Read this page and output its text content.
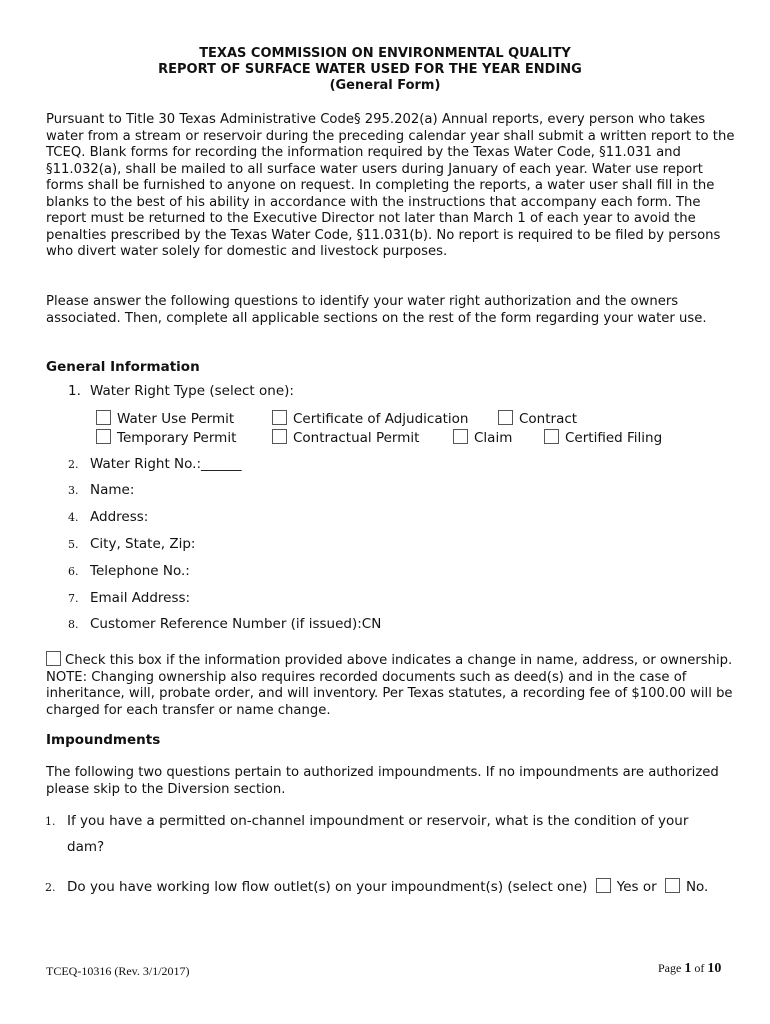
TEXAS COMMISSION ON ENVIRONMENTAL QUALITY
REPORT OF SURFACE WATER USED FOR THE YEAR ENDING
(General Form)
Pursuant to Title 30 Texas Administrative Code§ 295.202(a) Annual reports, every person who takes water from a stream or reservoir during the preceding calendar year shall submit a written report to the TCEQ. Blank forms for recording the information required by the Texas Water Code, §11.031 and §11.032(a), shall be mailed to all surface water users during January of each year. Water use report forms shall be furnished to anyone on request. In completing the reports, a water user shall fill in the blanks to the best of his ability in accordance with the instructions that accompany each form. The report must be returned to the Executive Director not later than March 1 of each year to avoid the penalties prescribed by the Texas Water Code, §11.031(b). No report is required to be filed by persons who divert water solely for domestic and livestock purposes.
Please answer the following questions to identify your water right authorization and the owners associated. Then, complete all applicable sections on the rest of the form regarding your water use.
General Information
1. Water Right Type (select one):
Water Use Permit	Certificate of Adjudication	Contract
Temporary Permit	Contractual Permit	Claim	Certified Filing
2. Water Right No.:______
3. Name:
4. Address:
5. City, State, Zip:
6. Telephone No.:
7. Email Address:
8. Customer Reference Number (if issued):CN
Check this box if the information provided above indicates a change in name, address, or ownership. NOTE: Changing ownership also requires recorded documents such as deed(s) and in the case of inheritance, will, probate order, and will inventory. Per Texas statutes, a recording fee of $100.00 will be charged for each transfer or name change.
Impoundments
The following two questions pertain to authorized impoundments. If no impoundments are authorized please skip to the Diversion section.
1. If you have a permitted on-channel impoundment or reservoir, what is the condition of your
dam?
2. Do you have working low flow outlet(s) on your impoundment(s) (select one) Yes or No.
TCEQ-10316 (Rev. 3/1/2017)	Page 1 of 10
